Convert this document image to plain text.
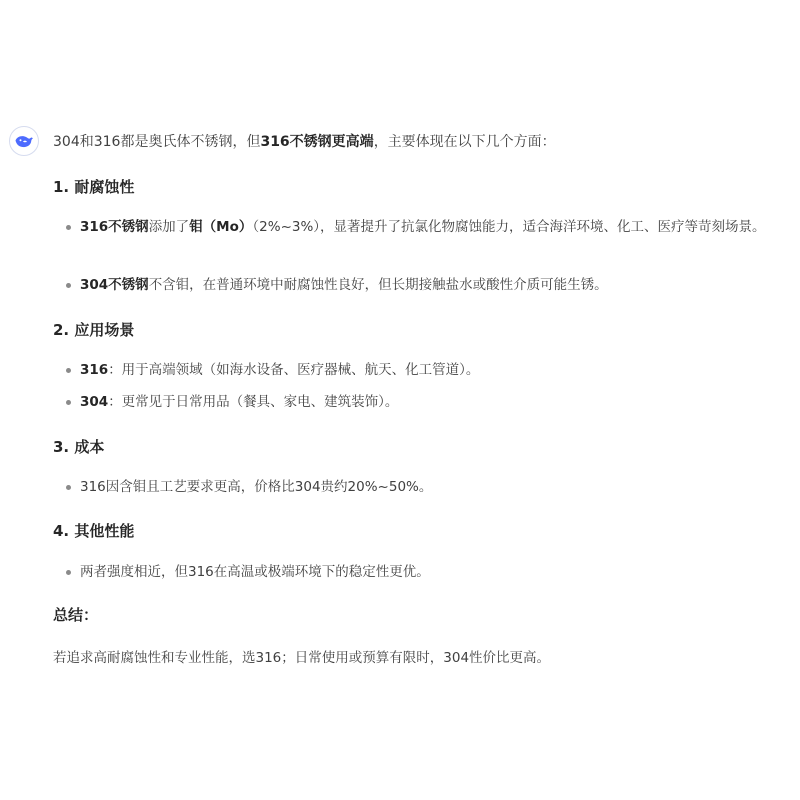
304和316都是奥氏体不锈钢，但316不锈钢更高端，主要体现在以下几个方面：

1. 耐腐蚀性
316不锈钢添加了钼（Mo）（2%~3%），显著提升了抗氯化物腐蚀能力，适合海洋环境、化工、医疗等苛刻场景。
304不锈钢不含钼，在普通环境中耐腐蚀性良好，但长期接触盐水或酸性介质可能生锈。
2. 应用场景
316：用于高端领域（如海水设备、医疗器械、航天、化工管道）。
304：更常见于日常用品（餐具、家电、建筑装饰）。
3. 成本
316因含钼且工艺要求更高，价格比304贵约20%~50%。
4. 其他性能
两者强度相近，但316在高温或极端环境下的稳定性更优。
总结：

若追求高耐腐蚀性和专业性能，选316；日常使用或预算有限时，304性价比更高。
